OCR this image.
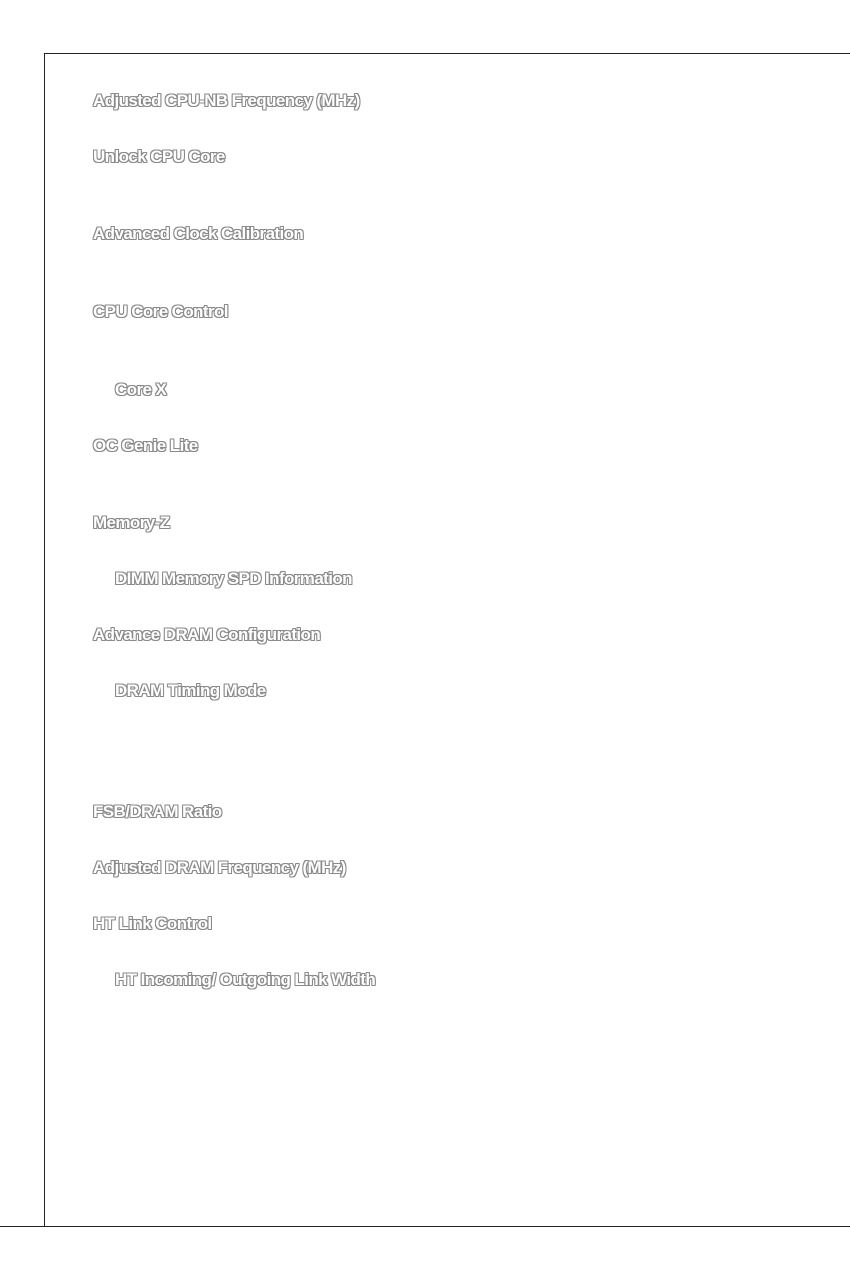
Adjusted CPU-NB Frequency (MHz)
Unlock CPU Core
Advanced Clock Calibration
CPU Core Control
Core X
OC Genie Lite
Memory-Z
DIMM Memory SPD Information
Advance DRAM Configuration
DRAM Timing Mode
FSB/DRAM Ratio
Adjusted DRAM Frequency (MHz)
HT Link Control
HT Incoming/ Outgoing Link Width
